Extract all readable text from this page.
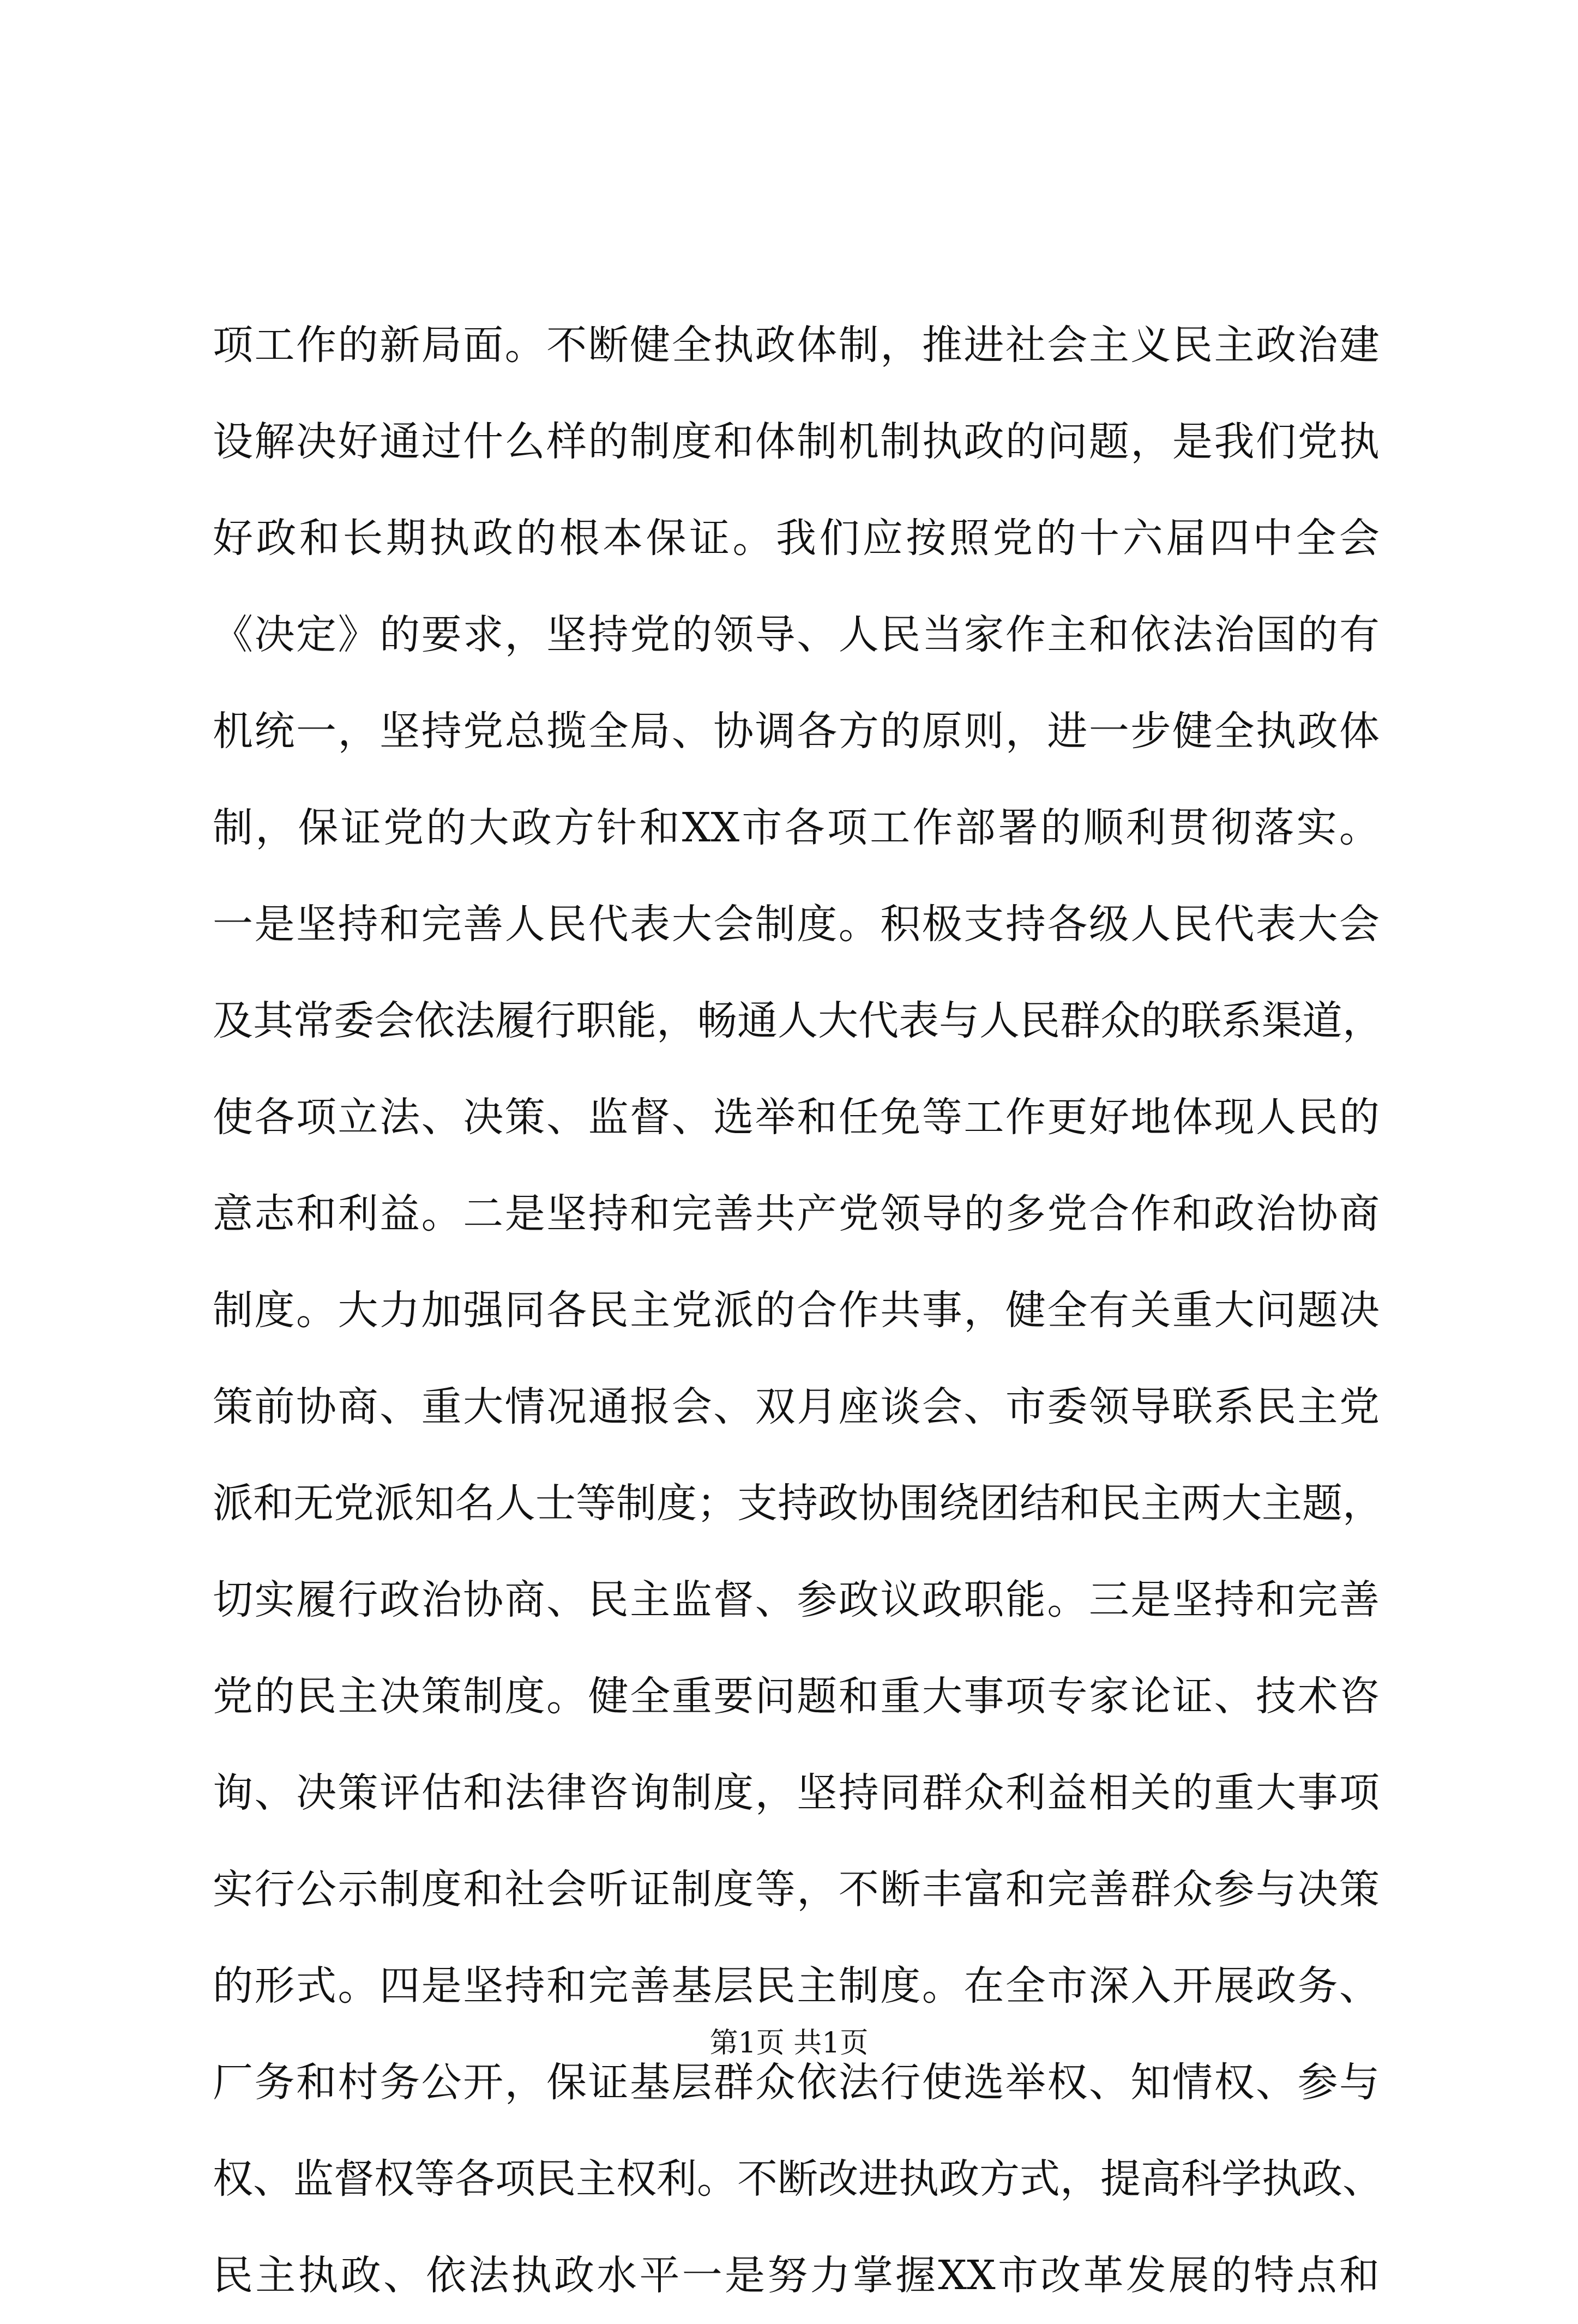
项工作的新局面。不断健全执政体制，推进社会主义民主政治建
设解决好通过什么样的制度和体制机制执政的问题，是我们党执
好政和长期执政的根本保证。我们应按照党的十六届四中全会
《决定》的要求，坚持党的领导、人民当家作主和依法治国的有
机统一，坚持党总揽全局、协调各方的原则，进一步健全执政体
制，保证党的大政方针和XX市各项工作部署的顺利贯彻落实。
一是坚持和完善人民代表大会制度。积极支持各级人民代表大会
及其常委会依法履行职能，畅通人大代表与人民群众的联系渠道，
使各项立法、决策、监督、选举和任免等工作更好地体现人民的
意志和利益。二是坚持和完善共产党领导的多党合作和政治协商
制度。大力加强同各民主党派的合作共事，健全有关重大问题决
策前协商、重大情况通报会、双月座谈会、市委领导联系民主党
派和无党派知名人士等制度；支持政协围绕团结和民主两大主题，
切实履行政治协商、民主监督、参政议政职能。三是坚持和完善
党的民主决策制度。健全重要问题和重大事项专家论证、技术咨
询、决策评估和法律咨询制度，坚持同群众利益相关的重大事项
实行公示制度和社会听证制度等，不断丰富和完善群众参与决策
的形式。四是坚持和完善基层民主制度。在全市深入开展政务、
厂务和村务公开，保证基层群众依法行使选举权、知情权、参与
权、监督权等各项民主权利。不断改进执政方式，提高科学执政、
民主执政、依法执政水平一是努力掌握XX市改革发展的特点和
第1页 共1页
